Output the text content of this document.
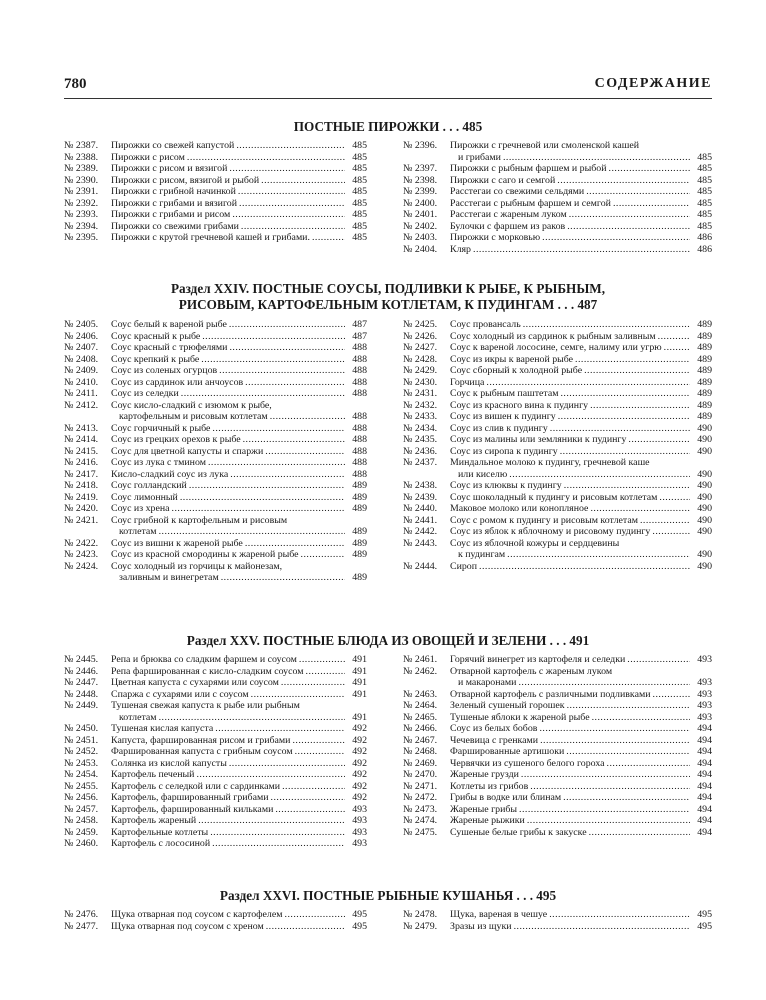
780	СОДЕРЖАНИЕ
ПОСТНЫЕ ПИРОЖКИ . . . 485
№ 2387.	Пирожки со свежей капустой . . .	485
№ 2388.	Пирожки с рисом . . .	485
№ 2389.	Пирожки с рисом и вязигой . . .	485
№ 2390.	Пирожки с рисом, вязигой и рыбой . . .	485
№ 2391.	Пирожки с грибной начинкой . . .	485
№ 2392.	Пирожки с грибами и вязигой . . .	485
№ 2393.	Пирожки с грибами и рисом . . .	485
№ 2394.	Пирожки со свежими грибами . . .	485
№ 2395.	Пирожки с крутой гречневой кашей и грибами. . . .	485
№ 2396.	Пирожки с гречневой или смоленской кашей
и грибами . . .	485
№ 2397.	Пирожки с рыбным фаршем и рыбой . . .	485
№ 2398.	Пирожки с саго и семгой . . .	485
№ 2399.	Расстегаи со свежими сельдями . . .	485
№ 2400.	Расстегаи с рыбным фаршем и семгой . . .	485
№ 2401.	Расстегаи с жареным луком . . .	485
№ 2402.	Булочки с фаршем из раков . . .	485
№ 2403.	Пирожки с морковью . . .	486
№ 2404.	Кляр . . .	486
Раздел XXIV. ПОСТНЫЕ СОУСЫ, ПОДЛИВКИ К РЫБЕ, К РЫБНЫМ,
РИСОВЫМ, КАРТОФЕЛЬНЫМ КОТЛЕТАМ, К ПУДИНГАМ . . . 487
№ 2405.	Соус белый к вареной рыбе . . .	487
№ 2406.	Соус красный к рыбе . . .	487
№ 2407.	Соус красный с трюфелями . . .	488
№ 2408.	Соус крепкий к рыбе . . .	488
№ 2409.	Соус из соленых огурцов . . .	488
№ 2410.	Соус из сардинок или анчоусов . . .	488
№ 2411.	Соус из селедки . . .	488
№ 2412.	Соус кисло-сладкий с изюмом к рыбе,
картофельным и рисовым котлетам . . .	488
№ 2413.	Соус горчичный к рыбе . . .	488
№ 2414.	Соус из грецких орехов к рыбе . . .	488
№ 2415.	Соус для цветной капусты и спаржи . . .	488
№ 2416.	Соус из лука с тмином . . .	488
№ 2417.	Кисло-сладкий соус из лука . . .	488
№ 2418.	Соус голландский . . .	489
№ 2419.	Соус лимонный . . .	489
№ 2420.	Соус из хрена . . .	489
№ 2421.	Соус грибной к картофельным и рисовым
котлетам . . .	489
№ 2422.	Соус из вишни к жареной рыбе . . .	489
№ 2423.	Соус из красной смородины к жареной рыбе . . .	489
№ 2424.	Соус холодный из горчицы к майонезам,
заливным и винегретам . . .	489
№ 2425.	Соус провансаль . . .	489
№ 2426.	Соус холодный из сардинок к рыбным заливным . . .	489
№ 2427.	Соус к вареной лососине, семге, налиму или угрю . . .	489
№ 2428.	Соус из икры к вареной рыбе . . .	489
№ 2429.	Соус сборный к холодной рыбе . . .	489
№ 2430.	Горчица . . .	489
№ 2431.	Соус к рыбным паштетам . . .	489
№ 2432.	Соус из красного вина к пудингу . . .	489
№ 2433.	Соус из вишен к пудингу . . .	489
№ 2434.	Соус из слив к пудингу . . .	490
№ 2435.	Соус из малины или земляники к пудингу . . .	490
№ 2436.	Соус из сиропа к пудингу . . .	490
№ 2437.	Миндальное молоко к пудингу, гречневой каше
или киселю . . .	490
№ 2438.	Соус из клюквы к пудингу . . .	490
№ 2439.	Соус шоколадный к пудингу и рисовым котлетам . . .	490
№ 2440.	Маковое молоко или конопляное . . .	490
№ 2441.	Соус с ромом к пудингу и рисовым котлетам . . .	490
№ 2442.	Соус из яблок к яблочному и рисовому пудингу . . .	490
№ 2443.	Соус из яблочной кожуры и сердцевины
к пудингам . . .	490
№ 2444.	Сироп . . .	490
Раздел XXV. ПОСТНЫЕ БЛЮДА ИЗ ОВОЩЕЙ И ЗЕЛЕНИ . . . 491
№ 2445.	Репа и брюква со сладким фаршем и соусом . . .	491
№ 2446.	Репа фаршированная с кисло-сладким соусом . . .	491
№ 2447.	Цветная капуста с сухарями или соусом . . .	491
№ 2448.	Спаржа с сухарями или с соусом . . .	491
№ 2449.	Тушеная свежая капуста к рыбе или рыбным
котлетам . . .	491
№ 2450.	Тушеная кислая капуста . . .	492
№ 2451.	Капуста, фаршированная рисом и грибами . . .	492
№ 2452.	Фаршированная капуста с грибным соусом . . .	492
№ 2453.	Солянка из кислой капусты . . .	492
№ 2454.	Картофель печеный . . .	492
№ 2455.	Картофель с селедкой или с сардинками . . .	492
№ 2456.	Картофель, фаршированный грибами . . .	492
№ 2457.	Картофель, фаршированный кильками . . .	493
№ 2458.	Картофель жареный . . .	493
№ 2459.	Картофельные котлеты . . .	493
№ 2460.	Картофель с лососиной . . .	493
№ 2461.	Горячий винегрет из картофеля и селедки . . .	493
№ 2462.	Отварной картофель с жареным луком
и макаронами . . .	493
№ 2463.	Отварной картофель с различными подливками . . .	493
№ 2464.	Зеленый сушеный горошек . . .	493
№ 2465.	Тушеные яблоки к жареной рыбе . . .	493
№ 2466.	Соус из белых бобов . . .	494
№ 2467.	Чечевица с гренками . . .	494
№ 2468.	Фаршированные артишоки . . .	494
№ 2469.	Червячки из сушеного белого гороха . . .	494
№ 2470.	Жареные грузди . . .	494
№ 2471.	Котлеты из грибов . . .	494
№ 2472.	Грибы в водке или блинам . . .	494
№ 2473.	Жареные грибы . . .	494
№ 2474.	Жареные рыжики . . .	494
№ 2475.	Сушеные белые грибы к закуске . . .	494
Раздел XXVI. ПОСТНЫЕ РЫБНЫЕ КУШАНЬЯ . . . 495
№ 2476.	Щука отварная под соусом с картофелем . . .	495
№ 2477.	Щука отварная под соусом с хреном . . .	495
№ 2478.	Щука, вареная в чешуе . . .	495
№ 2479.	Зразы из щуки . . .	495
